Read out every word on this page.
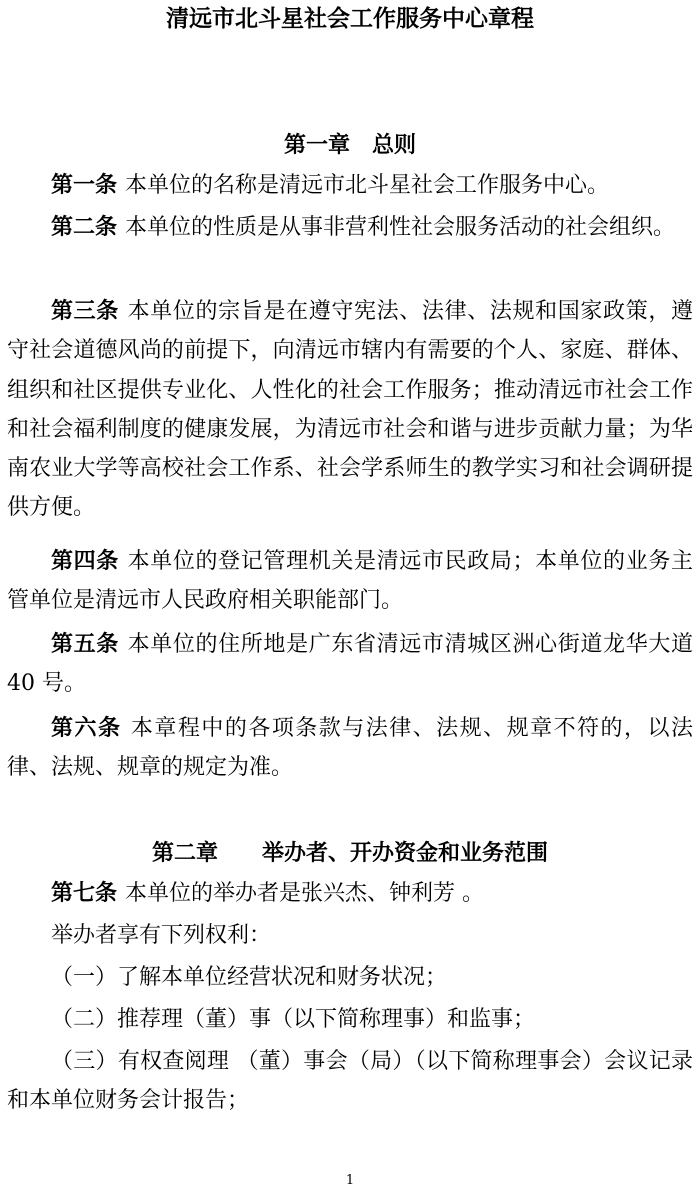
清远市北斗星社会工作服务中心章程
第一章 总则

第一条 本单位的名称是清远市北斗星社会工作服务中心。

第二条 本单位的性质是从事非营利性社会服务活动的社会组织。

第三条 本单位的宗旨是在遵守宪法、法律、法规和国家政策，遵守社会道德风尚的前提下，向清远市辖内有需要的个人、家庭、群体、组织和社区提供专业化、人性化的社会工作服务；推动清远市社会工作和社会福利制度的健康发展，为清远市社会和谐与进步贡献力量；为华南农业大学等高校社会工作系、社会学系师生的教学实习和社会调研提供方便。

第四条 本单位的登记管理机关是清远市民政局；本单位的业务主管单位是清远市人民政府相关职能部门。

第五条 本单位的住所地是广东省清远市清城区洲心街道龙华大道 40 号。

第六条 本章程中的各项条款与法律、法规、规章不符的，以法律、法规、规章的规定为准。

第二章 举办者、开办资金和业务范围

第七条 本单位的举办者是张兴杰、钟利芳 。

举办者享有下列权利：

（一）了解本单位经营状况和财务状况；

（二）推荐理（董）事（以下简称理事）和监事；

（三）有权查阅理 （董）事会（局）（以下简称理事会）会议记录和本单位财务会计报告；

1
